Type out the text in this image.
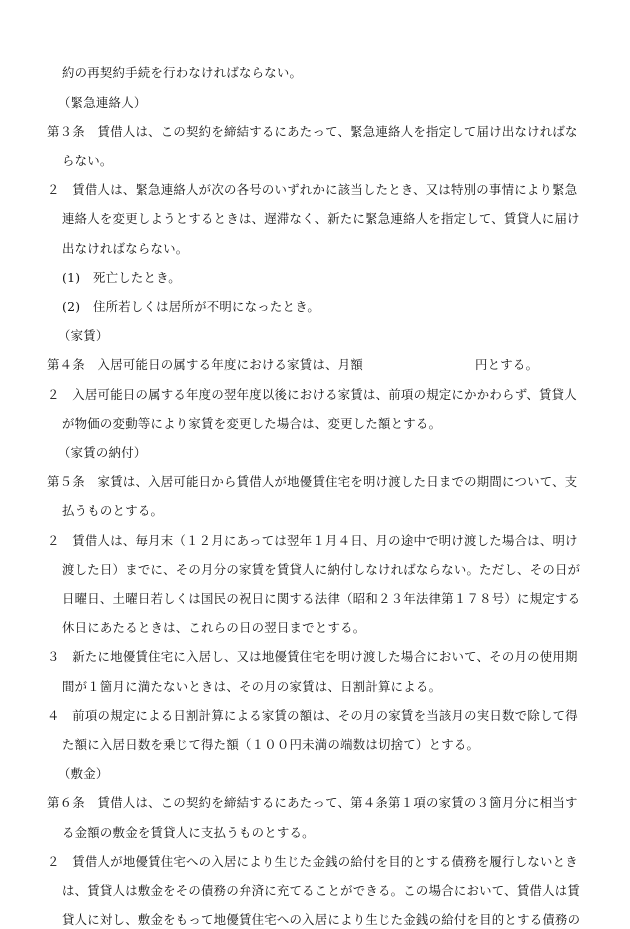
約の再契約手続を行わなければならない。
（緊急連絡人）
第３条　賃借人は、この契約を締結するにあたって、緊急連絡人を指定して届け出なければな
らない。
２　賃借人は、緊急連絡人が次の各号のいずれかに該当したとき、又は特別の事情により緊急
連絡人を変更しようとするときは、遅滞なく、新たに緊急連絡人を指定して、賃貸人に届け
出なければならない。
(1)　死亡したとき。
(2)　住所若しくは居所が不明になったとき。
（家賃）
第４条　入居可能日の属する年度における家賃は、月額	円とする。
２　入居可能日の属する年度の翌年度以後における家賃は、前項の規定にかかわらず、賃貸人
が物価の変動等により家賃を変更した場合は、変更した額とする。
（家賃の納付）
第５条　家賃は、入居可能日から賃借人が地優賃住宅を明け渡した日までの期間について、支
払うものとする。
２　賃借人は、毎月末（１２月にあっては翌年１月４日、月の途中で明け渡した場合は、明け
渡した日）までに、その月分の家賃を賃貸人に納付しなければならない。ただし、その日が
日曜日、土曜日若しくは国民の祝日に関する法律（昭和２３年法律第１７８号）に規定する
休日にあたるときは、これらの日の翌日までとする。
３　新たに地優賃住宅に入居し、又は地優賃住宅を明け渡した場合において、その月の使用期
間が１箇月に満たないときは、その月の家賃は、日割計算による。
４　前項の規定による日割計算による家賃の額は、その月の家賃を当該月の実日数で除して得
た額に入居日数を乗じて得た額（１００円未満の端数は切捨て）とする。
（敷金）
第６条　賃借人は、この契約を締結するにあたって、第４条第１項の家賃の３箇月分に相当す
る金額の敷金を賃貸人に支払うものとする。
２　賃借人が地優賃住宅への入居により生じた金銭の給付を目的とする債務を履行しないとき
は、賃貸人は敷金をその債務の弁済に充てることができる。この場合において、賃借人は賃
貸人に対し、敷金をもって地優賃住宅への入居により生じた金銭の給付を目的とする債務の
